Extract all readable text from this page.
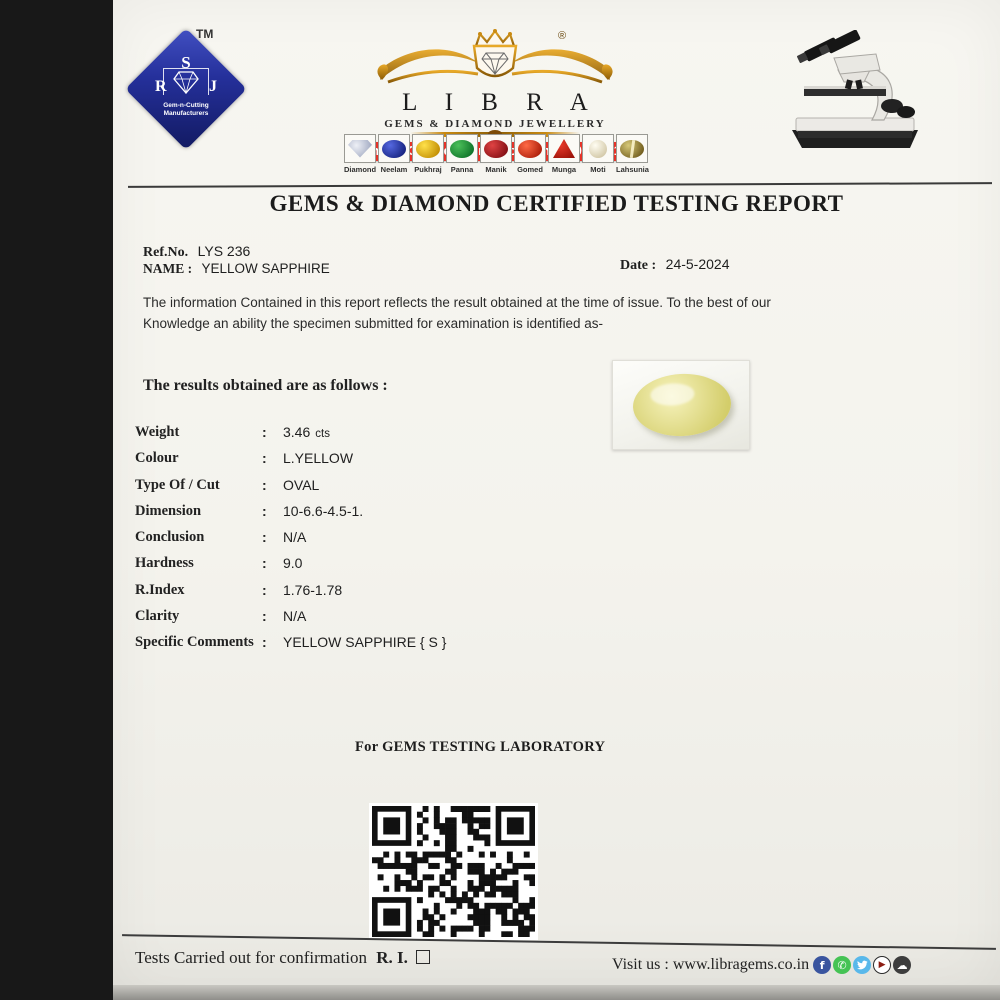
TM
S
R	J
Gem-n-Cutting
Manufacturers
®
L I B R A
GEMS & DIAMOND JEWELLERY
Gems
Diamond Neelam Pukhraj	Panna	Manik	Gomed	Munga	Moti	Lahsunia
GEMS & DIAMOND CERTIFIED TESTING REPORT
Ref.No. LYS 236
NAME : YELLOW SAPPHIRE	Date : 24-5-2024
The information Contained in this report reflects the result obtained at the time of issue. To the best of our Knowledge an ability the specimen submitted for examination is identified as-
The results obtained are as follows :
Weight	: 3.46 cts
Colour	: L.YELLOW
Type Of / Cut	: OVAL
Dimension	: 10-6.6-4.5-1.
Conclusion	: N/A
Hardness	: 9.0
R.Index	: 1.76-1.78
Clarity	: N/A
Specific Comments : YELLOW SAPPHIRE { S }
For GEMS TESTING LABORATORY
Tests Carried out for confirmation R. I.	Visit us : www.libragems.co.in f	✆	▶	☁
